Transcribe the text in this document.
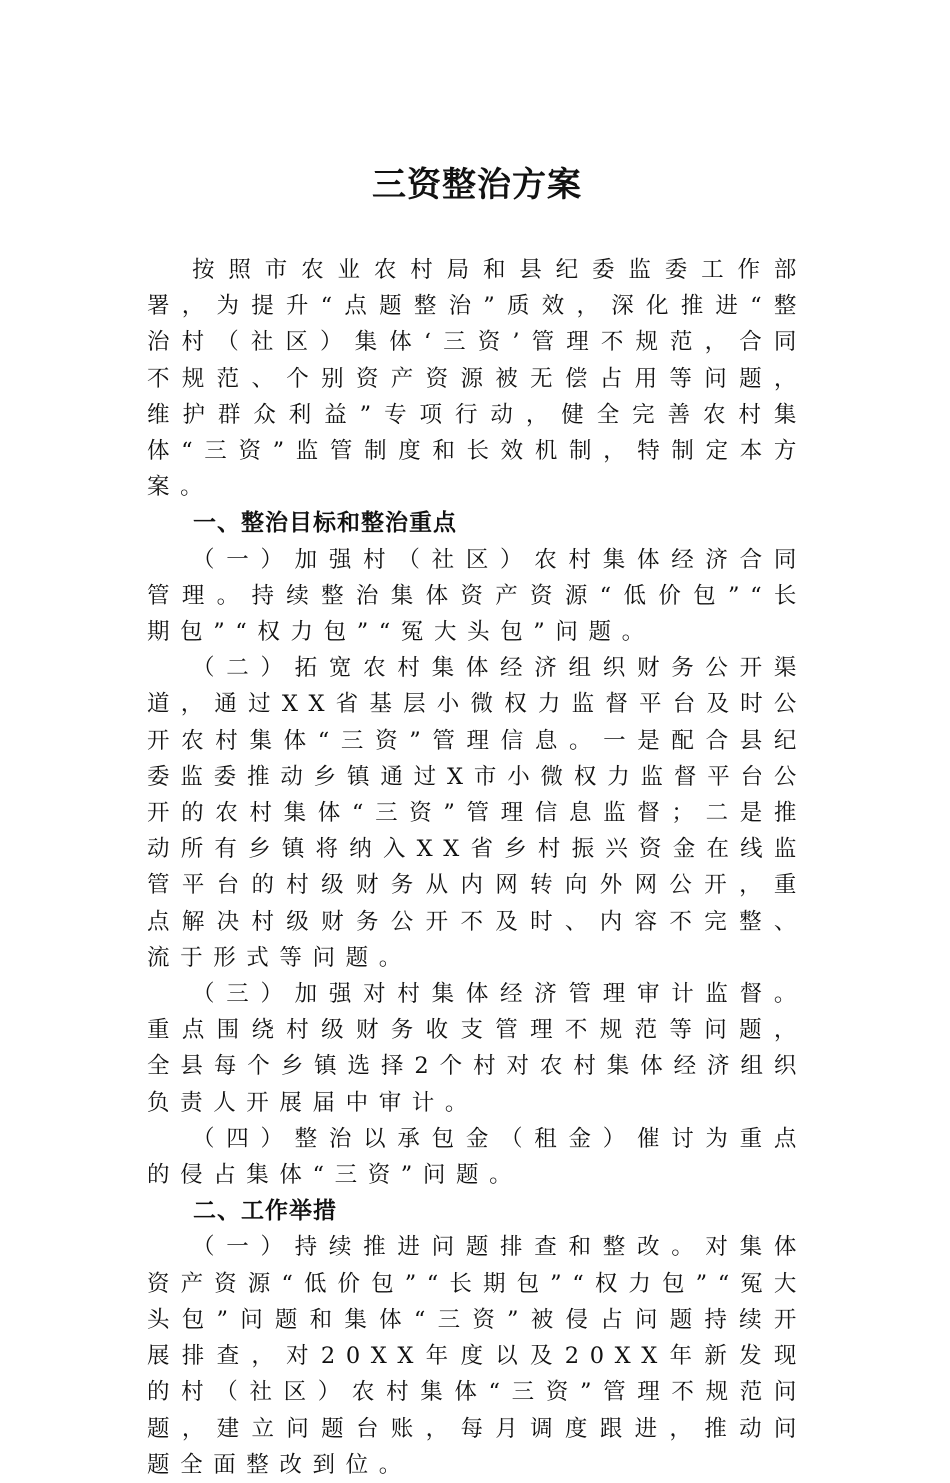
三资整治方案

按照市农业农村局和县纪委监委工作部署，为提升“点题整治”质效，深化推进“整治村（社区）集体‘三资’管理不规范，合同不规范、个别资产资源被无偿占用等问题，维护群众利益”专项行动，健全完善农村集体“三资”监管制度和长效机制，特制定本方案。

一、整治目标和整治重点

（一）加强村（社区）农村集体经济合同管理。持续整治集体资产资源“低价包”“长期包”“权力包”“冤大头包”问题。

（二）拓宽农村集体经济组织财务公开渠道，通过XX省基层小微权力监督平台及时公开农村集体“三资”管理信息。一是配合县纪委监委推动乡镇通过X市小微权力监督平台公开的农村集体“三资”管理信息监督；二是推动所有乡镇将纳入XX省乡村振兴资金在线监管平台的村级财务从内网转向外网公开，重点解决村级财务公开不及时、内容不完整、流于形式等问题。

（三）加强对村集体经济管理审计监督。重点围绕村级财务收支管理不规范等问题，全县每个乡镇选择2个村对农村集体经济组织负责人开展届中审计。

（四）整治以承包金（租金）催讨为重点的侵占集体“三资”问题。

二、工作举措

（一）持续推进问题排查和整改。对集体资产资源“低价包”“长期包”“权力包”“冤大头包”问题和集体“三资”被侵占问题持续开展排查，对20XX年度以及20XX年新发现的村（社区）农村集体“三资”管理不规范问题，建立问题台账，每月调度跟进，推动问题全面整改到位。
